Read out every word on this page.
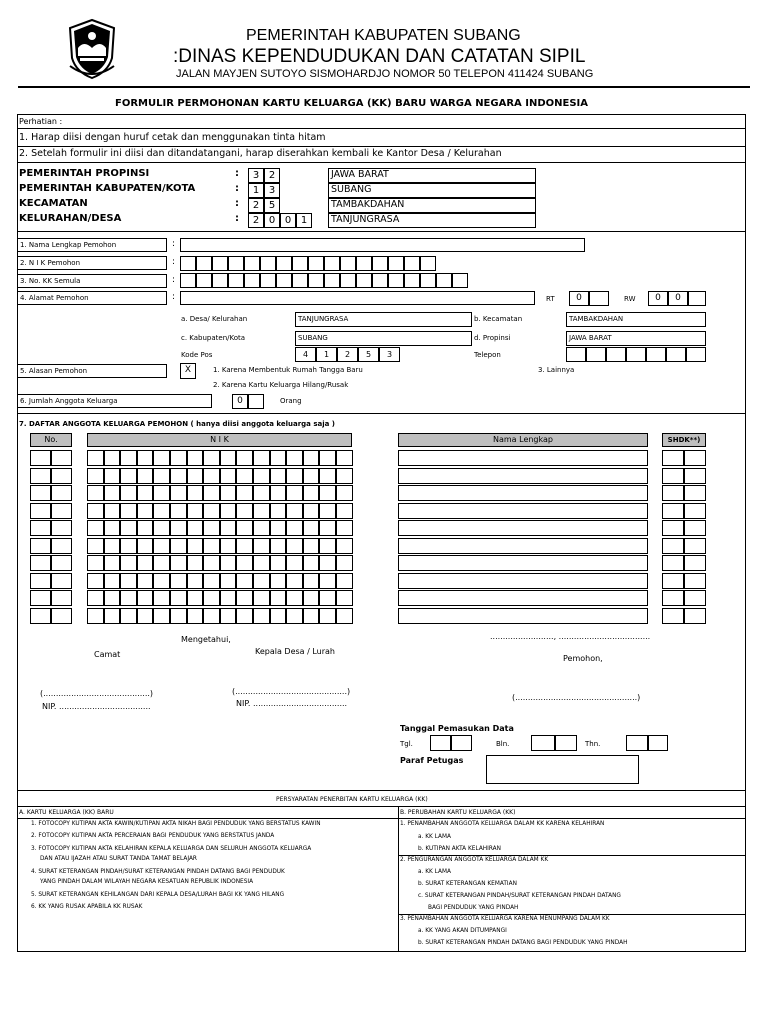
PEMERINTAH KABUPATEN SUBANG
:DINAS KEPENDUDUKAN DAN CATATAN SIPIL
JALAN MAYJEN SUTOYO SISMOHARDJO NOMOR 50 TELEPON 411424 SUBANG
FORMULIR PERMOHONAN KARTU KELUARGA (KK) BARU WARGA NEGARA INDONESIA
Perhatian :
1. Harap diisi dengan huruf cetak dan menggunakan tinta hitam
2. Setelah formulir ini diisi dan ditandatangani, harap diserahkan kembali ke Kantor Desa / Kelurahan
PEMERINTAH PROPINSI	:	3 2	JAWA BARAT
PEMERINTAH KABUPATEN/KOTA	:	1 3	SUBANG
KECAMATAN	:	2 5	TAMBAKDAHAN
KELURAHAN/DESA	:	2 0 0 1	TANJUNGRASA
1. Nama Lengkap Pemohon	:
2. N I K Pemohon	:
3. No. KK Semula	:
4. Alamat Pemohon	:	RT	0	RW	0	0
a. Desa/ Kelurahan	TANJUNGRASA	b. Kecamatan	TAMBAKDAHAN
c. Kabupaten/Kota	SUBANG	d. Propinsi	JAWA BARAT
Kode Pos	4	1	2	5	3	Telepon
5. Alasan Pemohon	X	1. Karena Membentuk Rumah Tangga Baru	3. Lainnya
2. Karena Kartu Keluarga Hilang/Rusak
6. Jumlah Anggota Keluarga	0	Orang
7. DAFTAR ANGGOTA KELUARGA PEMOHON ( hanya diisi anggota keluarga saja )
No.	N I K	Nama Lengkap	SHDK**)
Mengetahui,	........................., ....................................
Camat	Kepala Desa / Lurah
Pemohon,
(..........................................)	(............................................)
(................................................)
NIP. ....................................	NIP. .....................................
Tanggal Pemasukan Data
Tgl.	Bln.	Thn.
Paraf Petugas
PERSYARATAN PENERBITAN KARTU KELUARGA (KK)
A. KARTU KELUARGA (KK) BARU	B. PERUBAHAN KARTU KELUARGA (KK)
1. FOTOCOPY KUTIPAN AKTA KAWIN/KUTIPAN AKTA NIKAH BAGI PENDUDUK YANG BERSTATUS KAWIN
2. FOTOCOPY KUTIPAN AKTA PERCERAIAN BAGI PENDUDUK YANG BERSTATUS JANDA
3. FOTOCOPY KUTIPAN AKTA KELAHIRAN KEPALA KELUARGA DAN SELURUH ANGGOTA KELUARGA
DAN ATAU IJAZAH ATAU SURAT TANDA TAMAT BELAJAR
4. SURAT KETERANGAN PINDAH/SURAT KETERANGAN PINDAH DATANG BAGI PENDUDUK
YANG PINDAH DALAM WILAYAH NEGARA KESATUAN REPUBLIK INDONESIA
5. SURAT KETERANGAN KEHILANGAN DARI KEPALA DESA/LURAH BAGI KK YANG HILANG
6. KK YANG RUSAK APABILA KK RUSAK
1. PENAMBAHAN ANGGOTA KELUARGA DALAM KK KARENA KELAHIRAN
a. KK LAMA
b. KUTIPAN AKTA KELAHIRAN
2. PENGURANGAN ANGGOTA KELUARGA DALAM KK
a. KK LAMA
b. SURAT KETERANGAN KEMATIAN
c. SURAT KETERANGAN PINDAH/SURAT KETERANGAN PINDAH DATANG
BAGI PENDUDUK YANG PINDAH
3. PENAMBAHAN ANGGOTA KELUARGA KARENA MENUMPANG DALAM KK
a. KK YANG AKAN DITUMPANGI
b. SURAT KETERANGAN PINDAH DATANG BAGI PENDUDUK YANG PINDAH
